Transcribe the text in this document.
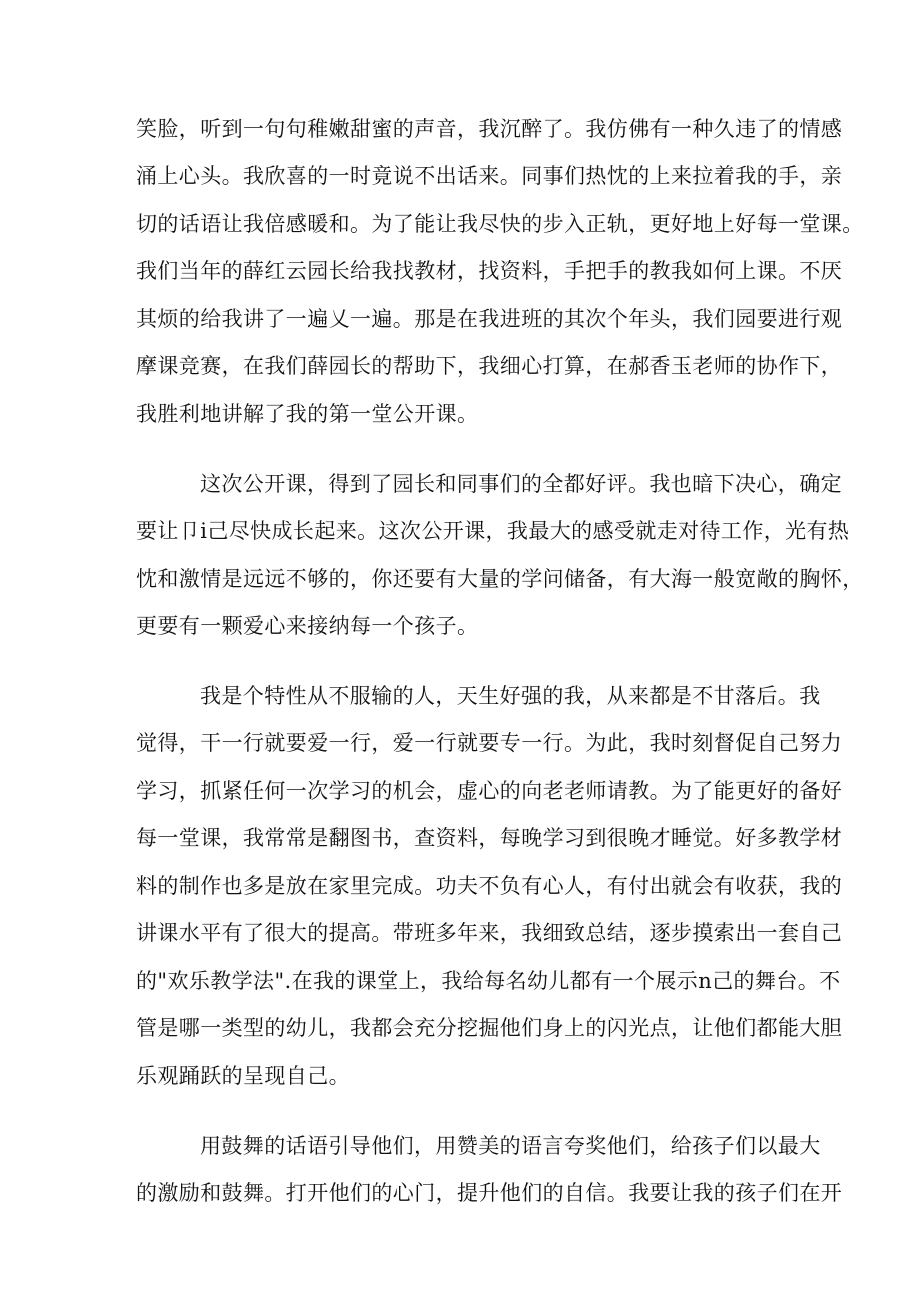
笑脸，听到一句句稚嫩甜蜜的声音，我沉醉了。我仿佛有一种久违了的情感
涌上心头。我欣喜的一时竟说不出话来。同事们热忱的上来拉着我的手，亲
切的话语让我倍感暖和。为了能让我尽快的步入正轨，更好地上好每一堂课。
我们当年的薛红云园长给我找教材，找资料，手把手的教我如何上课。不厌
其烦的给我讲了一遍乂一遍。那是在我进班的其次个年头，我们园要进行观
摩课竞赛，在我们薛园长的帮助下，我细心打算，在郝香玉老师的协作下，
我胜利地讲解了我的第一堂公开课。
这次公开课，得到了园长和同事们的全都好评。我也暗下决心，确定
要让卩i己尽快成长起来。这次公开课，我最大的感受就走对待工作，光有热
忱和激情是远远不够的，你还要有大量的学问储备，有大海一般宽敞的胸怀，
更要有一颗爱心来接纳每一个孩子。
我是个特性从不服输的人，天生好强的我，从来都是不甘落后。我
觉得，干一行就要爱一行，爱一行就要专一行。为此，我时刻督促自己努力
学习，抓紧任何一次学习的机会，虚心的向老老师请教。为了能更好的备好
每一堂课，我常常是翻图书，查资料，每晚学习到很晚才睡觉。好多教学材
料的制作也多是放在家里完成。功夫不负有心人，有付出就会有收获，我的
讲课水平有了很大的提高。带班多年来，我细致总结，逐步摸索出一套自己
的"欢乐教学法".在我的课堂上，我给每名幼儿都有一个展示n己的舞台。不
管是哪一类型的幼儿，我都会充分挖掘他们身上的闪光点，让他们都能大胆
乐观踊跃的呈现自己。
用鼓舞的话语引导他们，用赞美的语言夸奖他们，给孩子们以最大
的激励和鼓舞。打开他们的心门，提升他们的自信。我要让我的孩子们在开
